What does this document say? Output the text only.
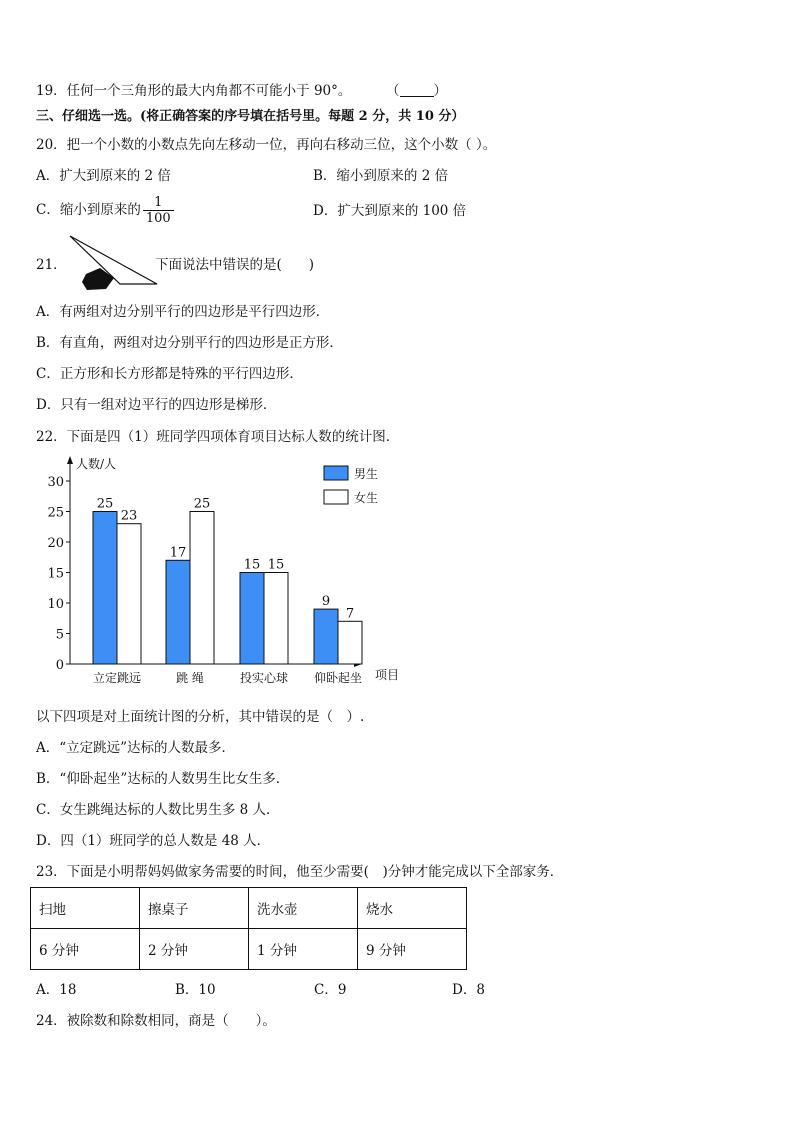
19．任何一个三角形的最大内角都不可能小于 90°。	（	）
三、仔细选一选。(将正确答案的序号填在括号里。每题 2 分，共 10 分）
20．把一个小数的小数点先向左移动一位，再向右移动三位，这个小数（ ）。
A．扩大到原来的 2 倍	B．缩小到原来的 2 倍
C．缩小到原来的 $\frac{1}{100}$	D．扩大到原来的 100 倍
21．	下面说法中错误的是(　　)
A．有两组对边分别平行的四边形是平行四边形．
B．有直角，两组对边分别平行的四边形是正方形．
C．正方形和长方形都是特殊的平行四边形．
D．只有一组对边平行的四边形是梯形．
22．下面是四（1）班同学四项体育项目达标人数的统计图．
人数/人
项目
0
5
10
15
20
25
30
立定跳远	跳 绳	投实心球 仰卧起坐
25
23
17
25
15 15
9
7
男生
女生
以下四项是对上面统计图的分析，其中错误的是（　）.
A．“立定跳远”达标的人数最多．
B．“仰卧起坐”达标的人数男生比女生多．
C．女生跳绳达标的人数比男生多 8 人．
D．四（1）班同学的总人数是 48 人．
23．下面是小明帮妈妈做家务需要的时间，他至少需要(　)分钟才能完成以下全部家务．
扫地	擦桌子	洗水壶	烧水
6 分钟	2 分钟	1 分钟	9 分钟
A．18	B．10	C．9	D．8
24．被除数和除数相同，商是（　　）。
